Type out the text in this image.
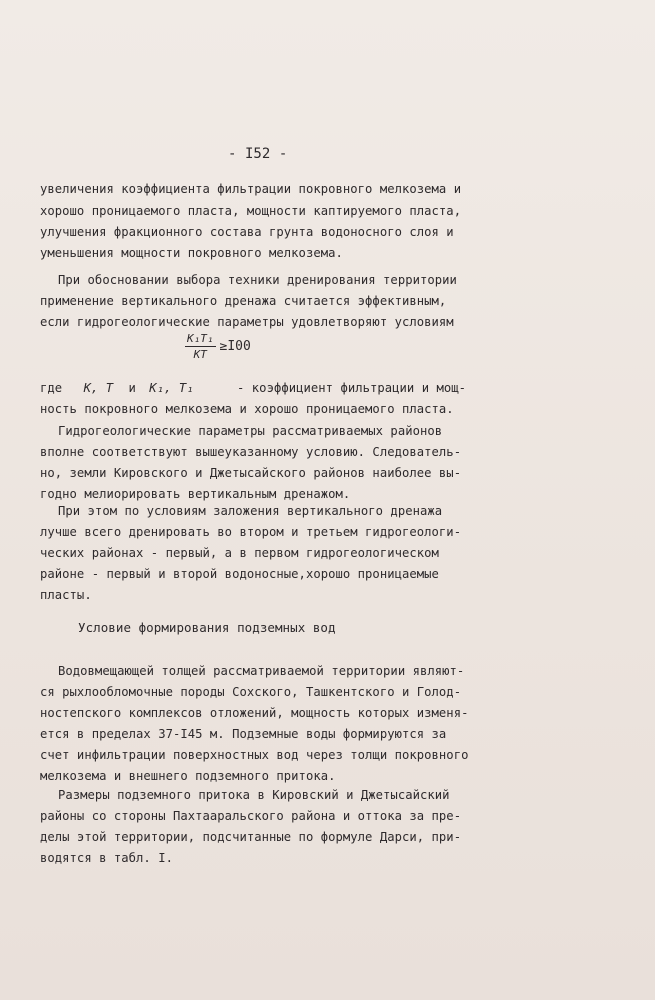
- I52 -
увеличения коэффициента фильтрации покровного мелкозема и
хорошо проницаемого пласта, мощности каптируемого пласта,
улучшения фракционного состава грунта водоносного слоя и
уменьшения мощности покровного мелкозема.
При обосновании выбора техники дренирования территории
применение вертикального дренажа считается эффективным,
если гидрогеологические параметры удовлетворяют условиям
$\frac{\text{K₁T₁}}{KT} \ge I00$
где K, T и K₁, T₁	- коэффициент фильтрации и мощ-
ность покровного мелкозема и хорошо проницаемого пласта.
Гидрогеологические параметры рассматриваемых районов
вполне соответствуют вышеуказанному условию. Следователь-
но, земли Кировского и Джетысайского районов наиболее вы-
годно мелиорировать вертикальным дренажом.
При этом по условиям заложения вертикального дренажа
лучше всего дренировать во втором и третьем гидрогеологи-
ческих районах - первый, а в первом гидрогеологическом
районе - первый и второй водоносные,хорошо проницаемые
пласты.
Условие формирования подземных вод
Водовмещающей толщей рассматриваемой территории являют-
ся рыхлообломочные породы Сохского, Ташкентского и Голод-
ностепского комплексов отложений, мощность которых изменя-
ется в пределах 37-I45 м. Подземные воды формируются за
счет инфильтрации поверхностных вод через толщи покровного
мелкозема и внешнего подземного притока.
Размеры подземного притока в Кировский и Джетысайский
районы со стороны Пахтааральского района и оттока за пре-
делы этой территории, подсчитанные по формуле Дарси, при-
водятся в табл. I.
